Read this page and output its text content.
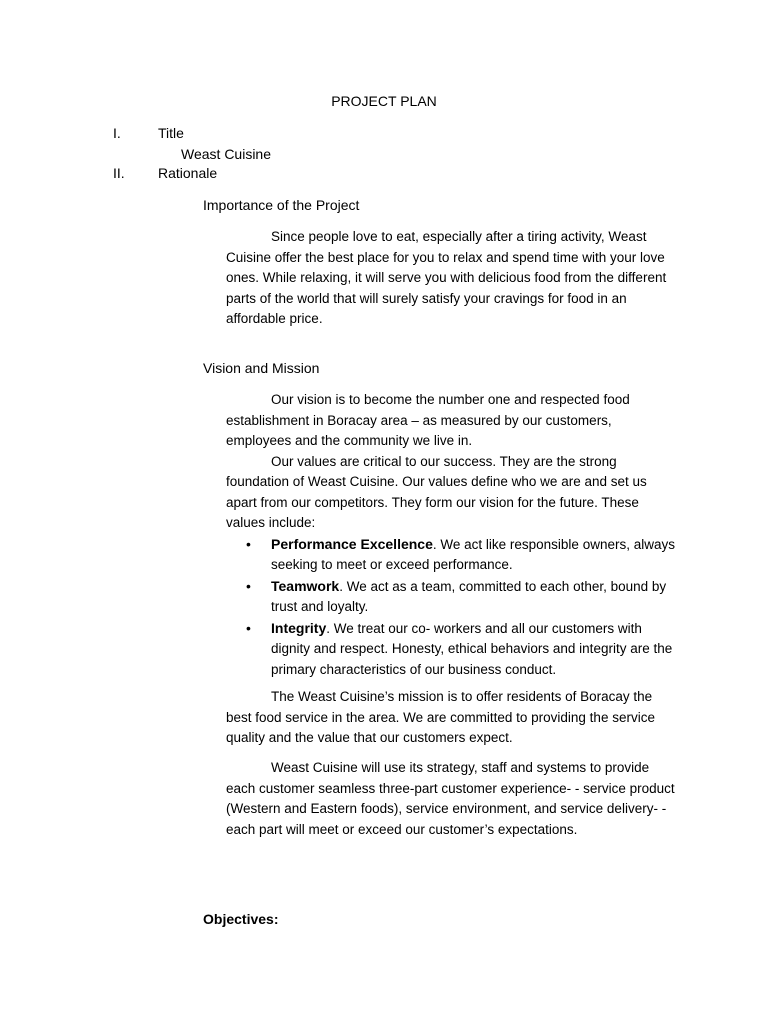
PROJECT PLAN
I.	Title
Weast Cuisine
II. Rationale
Importance of the Project

Since people love to eat, especially after a tiring activity, Weast Cuisine offer the best place for you to relax and spend time with your love ones. While relaxing, it will serve you with delicious food from the different parts of the world that will surely satisfy your cravings for food in an affordable price.

Vision and Mission

Our vision is to become the number one and respected food establishment in Boracay area – as measured by our customers, employees and the community we live in.

Our values are critical to our success. They are the strong foundation of Weast Cuisine. Our values define who we are and set us apart from our competitors. They form our vision for the future. These values include:

• Performance Excellence. We act like responsible owners, always seeking to meet or exceed performance.
• Teamwork. We act as a team, committed to each other, bound by trust and loyalty.
• Integrity. We treat our co- workers and all our customers with dignity and respect. Honesty, ethical behaviors and integrity are the primary characteristics of our business conduct.

The Weast Cuisine’s mission is to offer residents of Boracay the best food service in the area. We are committed to providing the service quality and the value that our customers expect.

Weast Cuisine will use its strategy, staff and systems to provide each customer seamless three-part customer experience- - service product (Western and Eastern foods), service environment, and service delivery- - each part will meet or exceed our customer’s expectations.

Objectives:
